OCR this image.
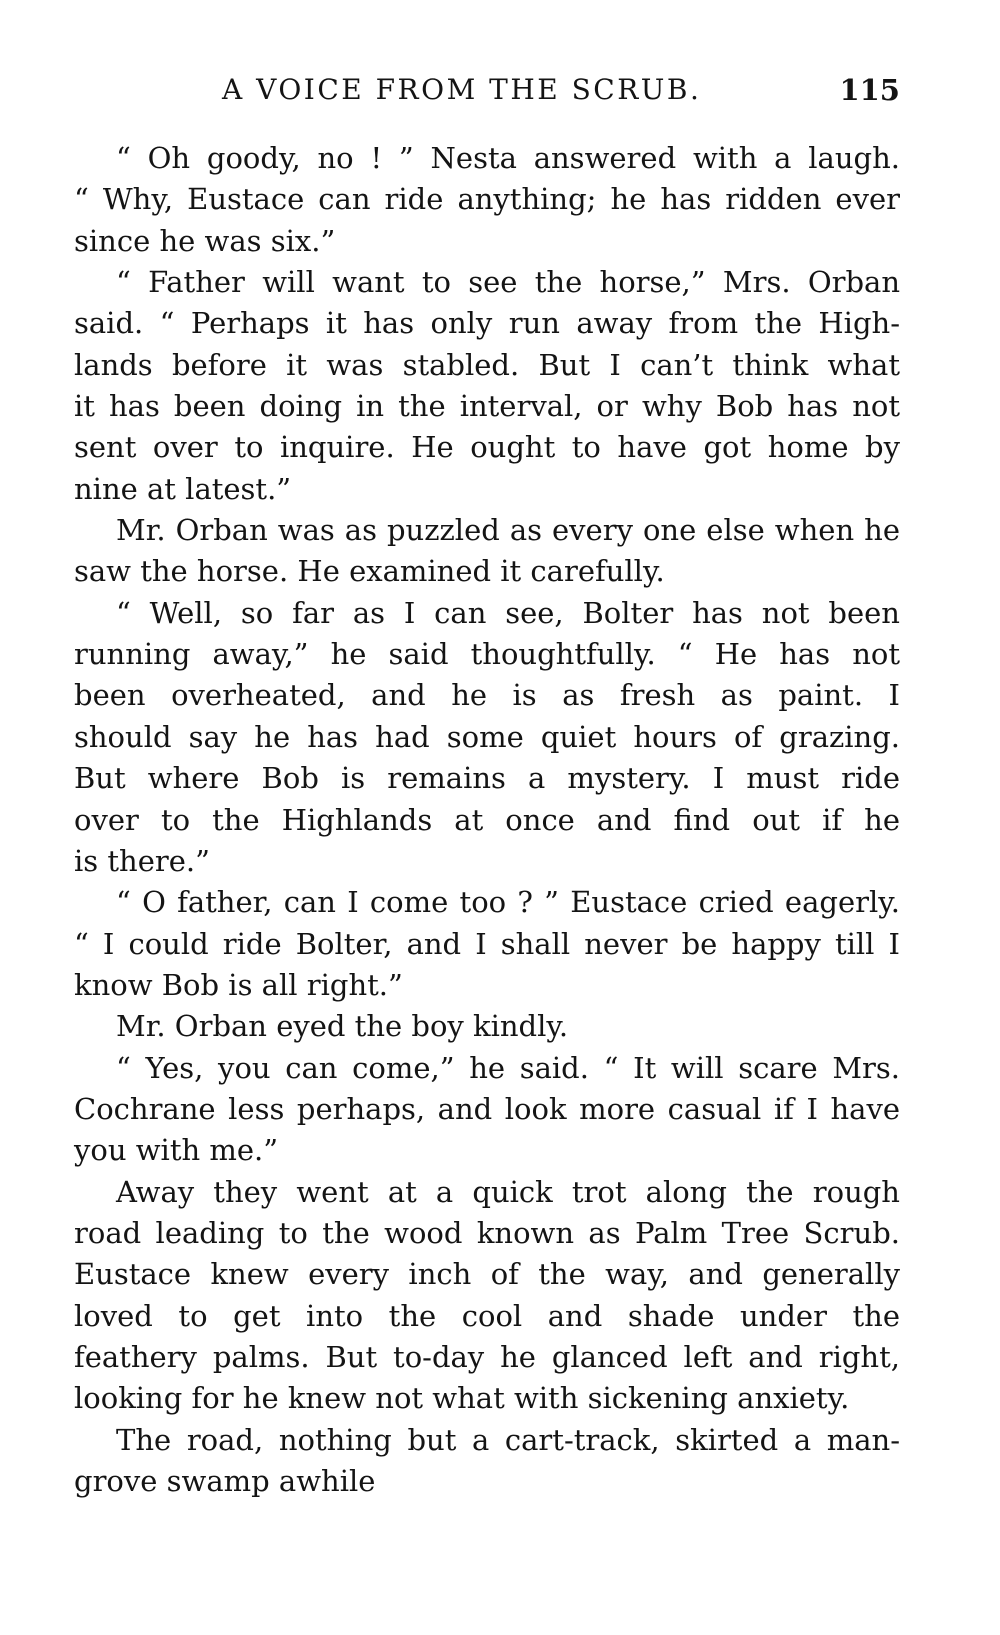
A VOICE FROM THE SCRUB.	115
“ Oh goody, no ! ” Nesta answered with a laugh.
“ Why, Eustace can ride anything; he has ridden ever
since he was six.”
“ Father will want to see the horse,” Mrs. Orban
said. “ Perhaps it has only run away from the High-
lands before it was stabled. But I can’t think what
it has been doing in the interval, or why Bob has not
sent over to inquire. He ought to have got home by
nine at latest.”
Mr. Orban was as puzzled as every one else when he
saw the horse. He examined it carefully.
“ Well, so far as I can see, Bolter has not been
running away,” he said thoughtfully. “ He has not
been overheated, and he is as fresh as paint. I
should say he has had some quiet hours of grazing.
But where Bob is remains a mystery. I must ride
over to the Highlands at once and find out if he
is there.”
“ O father, can I come too ? ” Eustace cried eagerly.
“ I could ride Bolter, and I shall never be happy till I
know Bob is all right.”
Mr. Orban eyed the boy kindly.
“ Yes, you can come,” he said. “ It will scare Mrs.
Cochrane less perhaps, and look more casual if I have
you with me.”
Away they went at a quick trot along the rough
road leading to the wood known as Palm Tree Scrub.
Eustace knew every inch of the way, and generally
loved to get into the cool and shade under the
feathery palms. But to-day he glanced left and right,
looking for he knew not what with sickening anxiety.
The road, nothing but a cart-track, skirted a man-
grove swamp awhile
